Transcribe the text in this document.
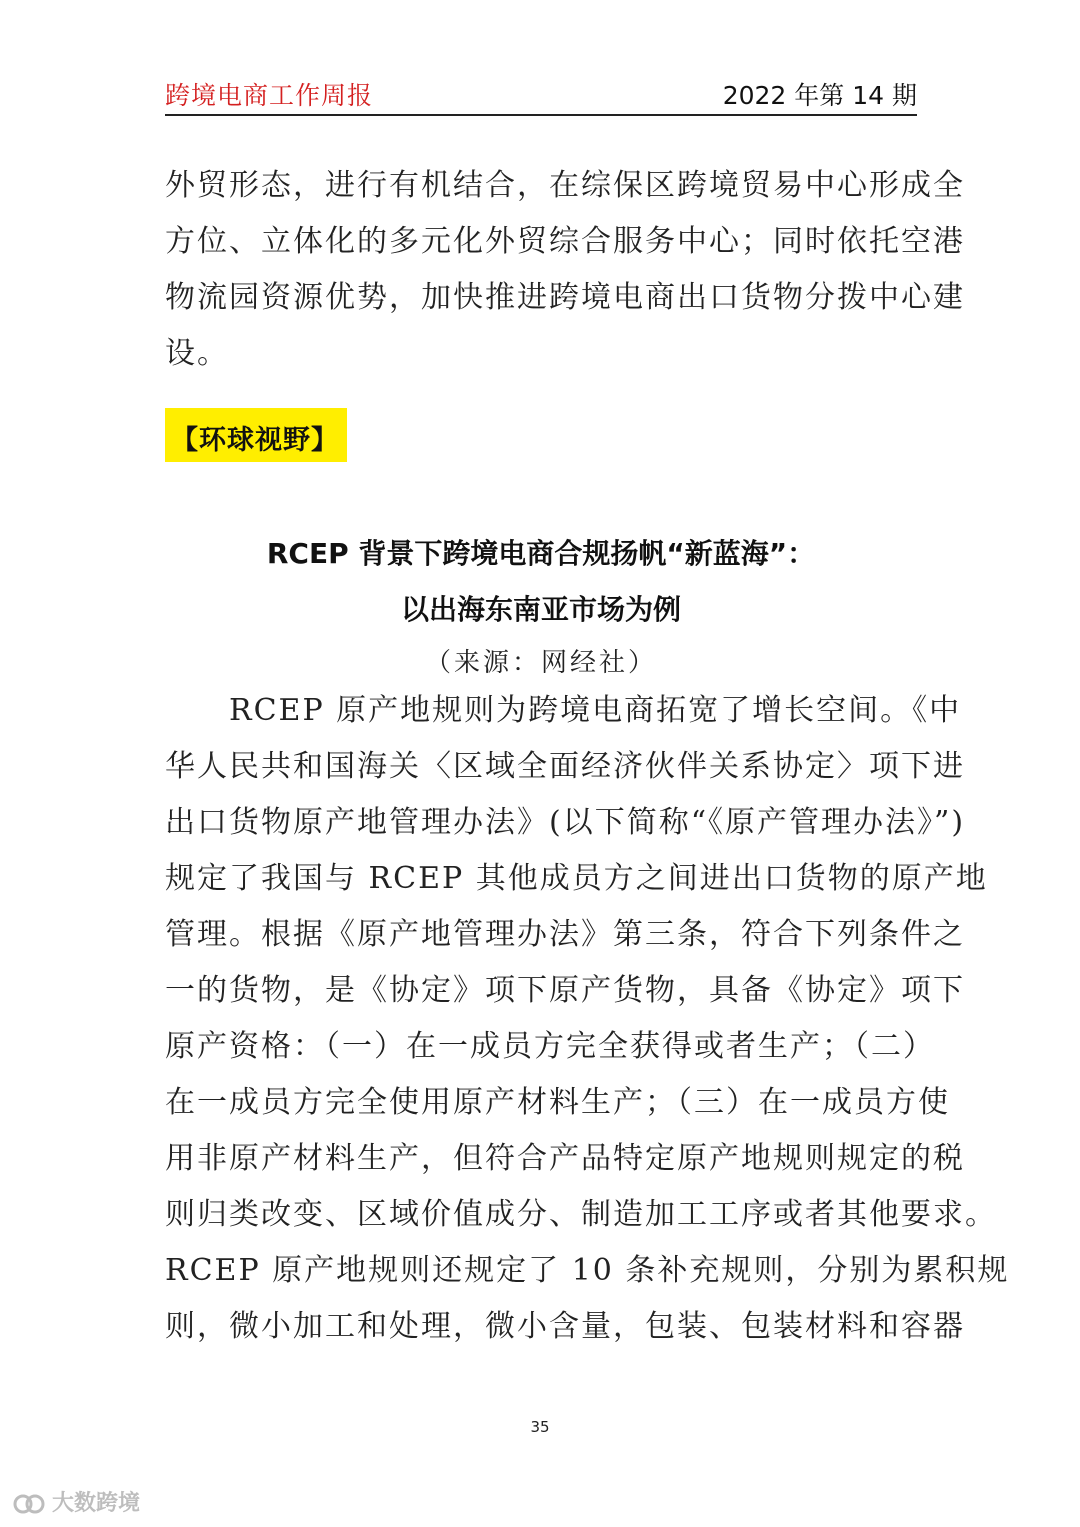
跨境电商工作周报	2022 年第 14 期
外贸形态，进行有机结合，在综保区跨境贸易中心形成全
方位、立体化的多元化外贸综合服务中心；同时依托空港
物流园资源优势，加快推进跨境电商出口货物分拨中心建
设。
【环球视野】
RCEP 背景下跨境电商合规扬帆“新蓝海”：
以出海东南亚市场为例
（来源：网经社）
　　RCEP 原产地规则为跨境电商拓宽了增长空间。《中
华人民共和国海关〈区域全面经济伙伴关系协定〉项下进
出口货物原产地管理办法》(以下简称“《原产管理办法》”)
规定了我国与 RCEP 其他成员方之间进出口货物的原产地
管理。根据《原产地管理办法》第三条，符合下列条件之
一的货物，是《协定》项下原产货物，具备《协定》项下
原产资格：（一）在一成员方完全获得或者生产；（二）
在一成员方完全使用原产材料生产；（三）在一成员方使
用非原产材料生产，但符合产品特定原产地规则规定的税
则归类改变、区域价值成分、制造加工工序或者其他要求。
RCEP 原产地规则还规定了 10 条补充规则，分别为累积规
则，微小加工和处理，微小含量，包装、包装材料和容器
35
大数跨境
